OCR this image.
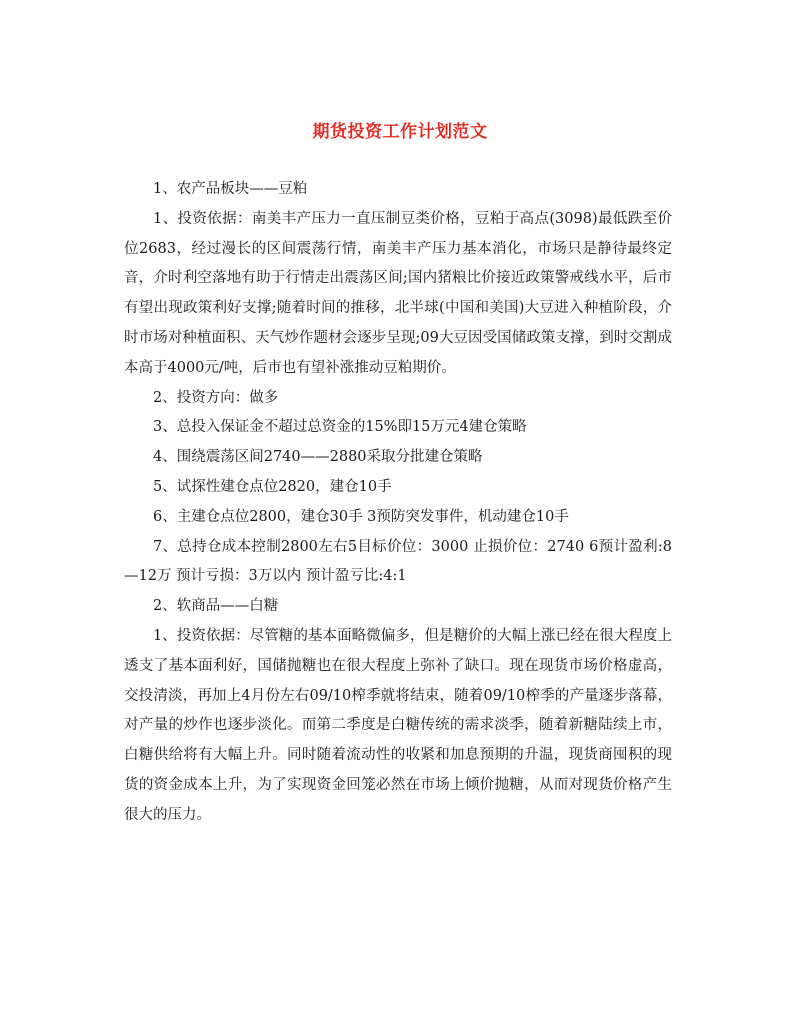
期货投资工作计划范文

1、农产品板块——豆粕

1、投资依据：南美丰产压力一直压制豆类价格，豆粕于高点(3098)最低跌至价位2683，经过漫长的区间震荡行情，南美丰产压力基本消化，市场只是静待最终定音，介时利空落地有助于行情走出震荡区间;国内猪粮比价接近政策警戒线水平，后市有望出现政策利好支撑;随着时间的推移，北半球(中国和美国)大豆进入种植阶段，介时市场对种植面积、天气炒作题材会逐步呈现;09大豆因受国储政策支撑，到时交割成本高于4000元/吨，后市也有望补涨推动豆粕期价。

2、投资方向：做多

3、总投入保证金不超过总资金的15%即15万元4建仓策略

4、围绕震荡区间2740——2880采取分批建仓策略

5、试探性建仓点位2820，建仓10手

6、主建仓点位2800，建仓30手 3预防突发事件，机动建仓10手

7、总持仓成本控制2800左右5目标价位：3000 止损价位：2740 6预计盈利:8—12万 预计亏损：3万以内 预计盈亏比:4:1

2、软商品——白糖

1、投资依据：尽管糖的基本面略微偏多，但是糖价的大幅上涨已经在很大程度上透支了基本面利好，国储抛糖也在很大程度上弥补了缺口。现在现货市场价格虚高，交投清淡，再加上4月份左右09/10榨季就将结束，随着09/10榨季的产量逐步落幕，对产量的炒作也逐步淡化。而第二季度是白糖传统的需求淡季，随着新糖陆续上市，白糖供给将有大幅上升。同时随着流动性的收紧和加息预期的升温，现货商囤积的现货的资金成本上升，为了实现资金回笼必然在市场上倾价抛糖，从而对现货价格产生很大的压力。
